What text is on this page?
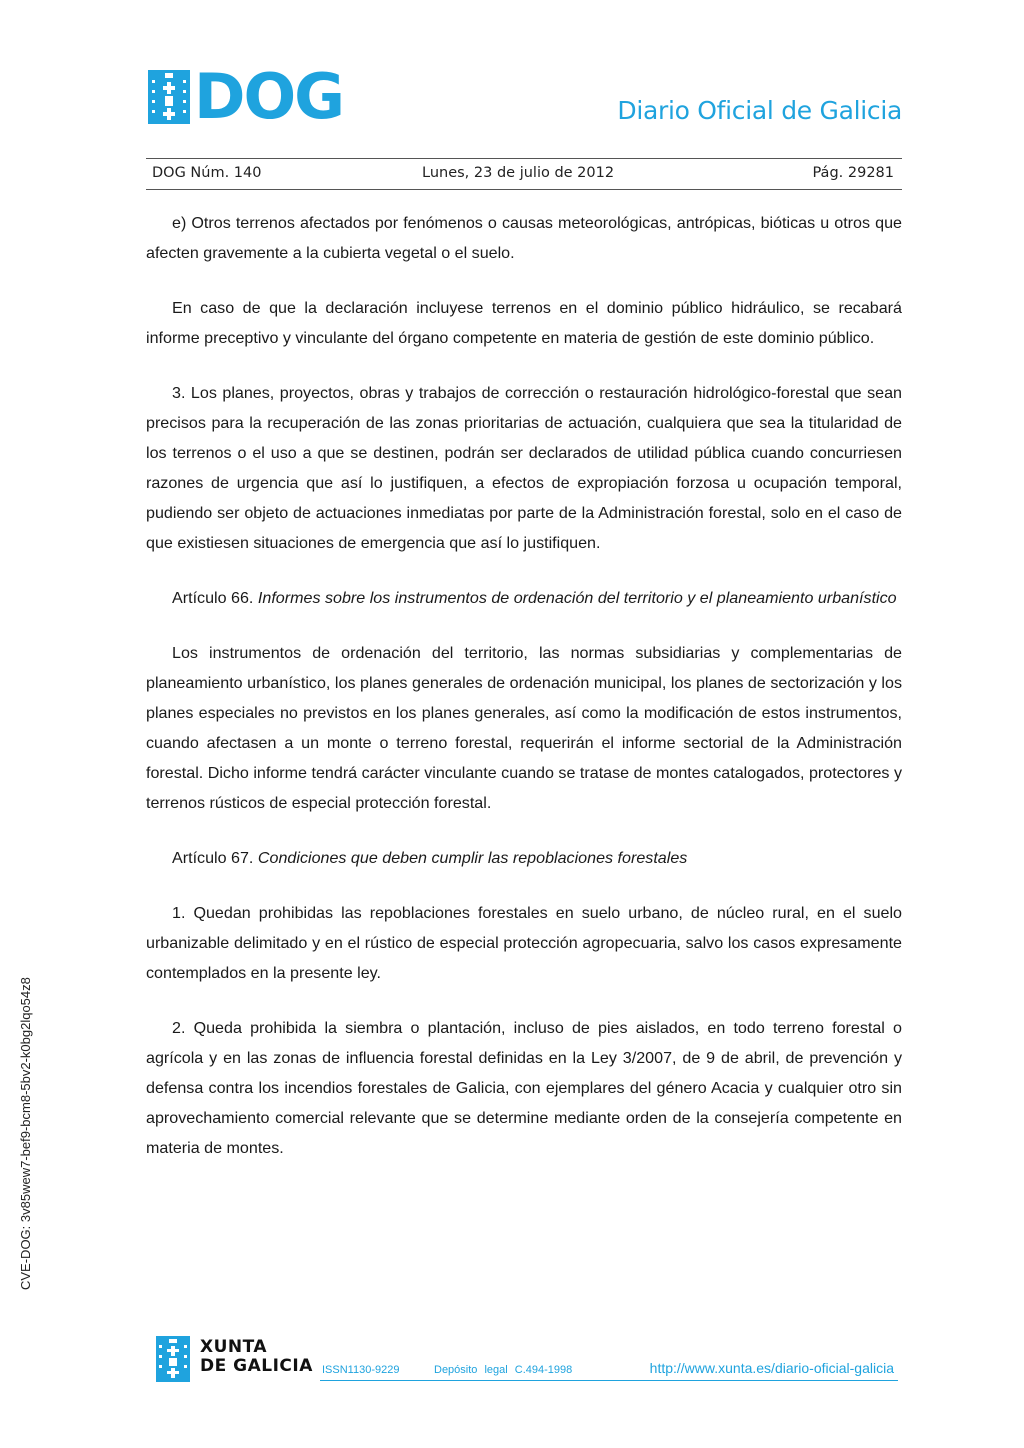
DOG	Diario Oficial de Galicia
DOG Núm. 140	Lunes, 23 de julio de 2012	Pág. 29281

e) Otros terrenos afectados por fenómenos o causas meteorológicas, antrópicas, bióticas u otros que afecten gravemente a la cubierta vegetal o el suelo.

En caso de que la declaración incluyese terrenos en el dominio público hidráulico, se recabará informe preceptivo y vinculante del órgano competente en materia de gestión de este dominio público.

3. Los planes, proyectos, obras y trabajos de corrección o restauración hidrológico-forestal que sean precisos para la recuperación de las zonas prioritarias de actuación, cualquiera que sea la titularidad de los terrenos o el uso a que se destinen, podrán ser declarados de utilidad pública cuando concurriesen razones de urgencia que así lo justifiquen, a efectos de expropiación forzosa u ocupación temporal, pudiendo ser objeto de actuaciones inmediatas por parte de la Administración forestal, solo en el caso de que existiesen situaciones de emergencia que así lo justifiquen.

Artículo 66. Informes sobre los instrumentos de ordenación del territorio y el planeamiento urbanístico

Los instrumentos de ordenación del territorio, las normas subsidiarias y complementarias de planeamiento urbanístico, los planes generales de ordenación municipal, los planes de sectorización y los planes especiales no previstos en los planes generales, así como la modificación de estos instrumentos, cuando afectasen a un monte o terreno forestal, requerirán el informe sectorial de la Administración forestal. Dicho informe tendrá carácter vinculante cuando se tratase de montes catalogados, protectores y terrenos rústicos de especial protección forestal.

Artículo 67. Condiciones que deben cumplir las repoblaciones forestales

1. Quedan prohibidas las repoblaciones forestales en suelo urbano, de núcleo rural, en el suelo urbanizable delimitado y en el rústico de especial protección agropecuaria, salvo los casos expresamente contemplados en la presente ley.

2. Queda prohibida la siembra o plantación, incluso de pies aislados, en todo terreno forestal o agrícola y en las zonas de influencia forestal definidas en la Ley 3/2007, de 9 de abril, de prevención y defensa contra los incendios forestales de Galicia, con ejemplares del género Acacia y cualquier otro sin aprovechamiento comercial relevante que se determine mediante orden de la consejería competente en materia de montes.

CVE-DOG: 3v85wew7-bef9-bcm8-5bv2-k0bg2lqo54z8
XUNTA
DE GALICIA ISSN1130-9229	Depósito legal C.494-1998	http://www.xunta.es/diario-oficial-galicia
